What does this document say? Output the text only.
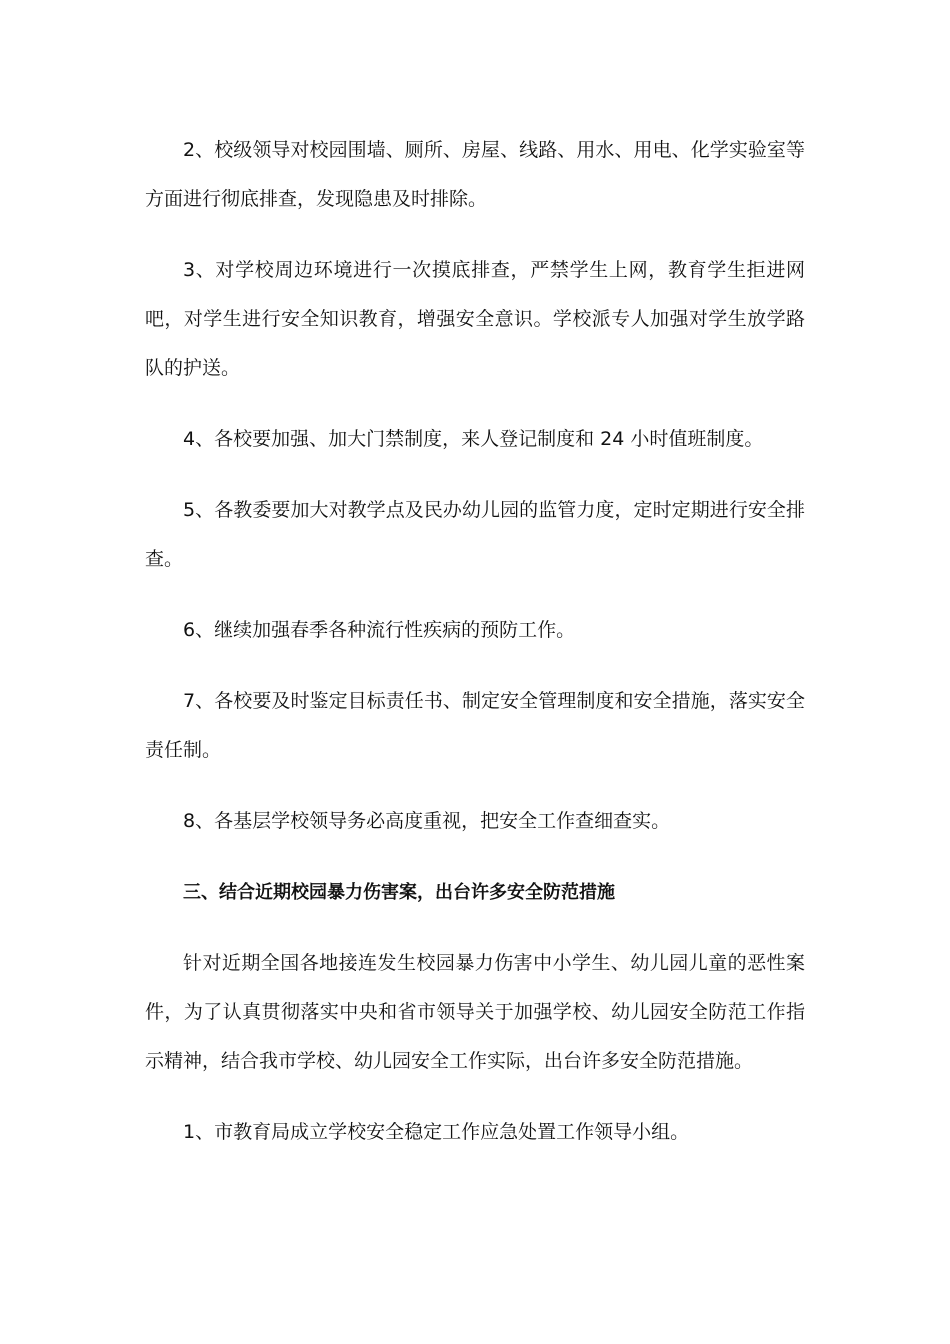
2、校级领导对校园围墙、厕所、房屋、线路、用水、用电、化学实验室等方面进行彻底排查，发现隐患及时排除。

3、对学校周边环境进行一次摸底排查，严禁学生上网，教育学生拒进网吧，对学生进行安全知识教育，增强安全意识。学校派专人加强对学生放学路队的护送。

4、各校要加强、加大门禁制度，来人登记制度和 24 小时值班制度。

5、各教委要加大对教学点及民办幼儿园的监管力度，定时定期进行安全排查。

6、继续加强春季各种流行性疾病的预防工作。

7、各校要及时鉴定目标责任书、制定安全管理制度和安全措施，落实安全责任制。

8、各基层学校领导务必高度重视，把安全工作查细查实。

三、结合近期校园暴力伤害案，出台许多安全防范措施

针对近期全国各地接连发生校园暴力伤害中小学生、幼儿园儿童的恶性案件，为了认真贯彻落实中央和省市领导关于加强学校、幼儿园安全防范工作指示精神，结合我市学校、幼儿园安全工作实际，出台许多安全防范措施。

1、市教育局成立学校安全稳定工作应急处置工作领导小组。
